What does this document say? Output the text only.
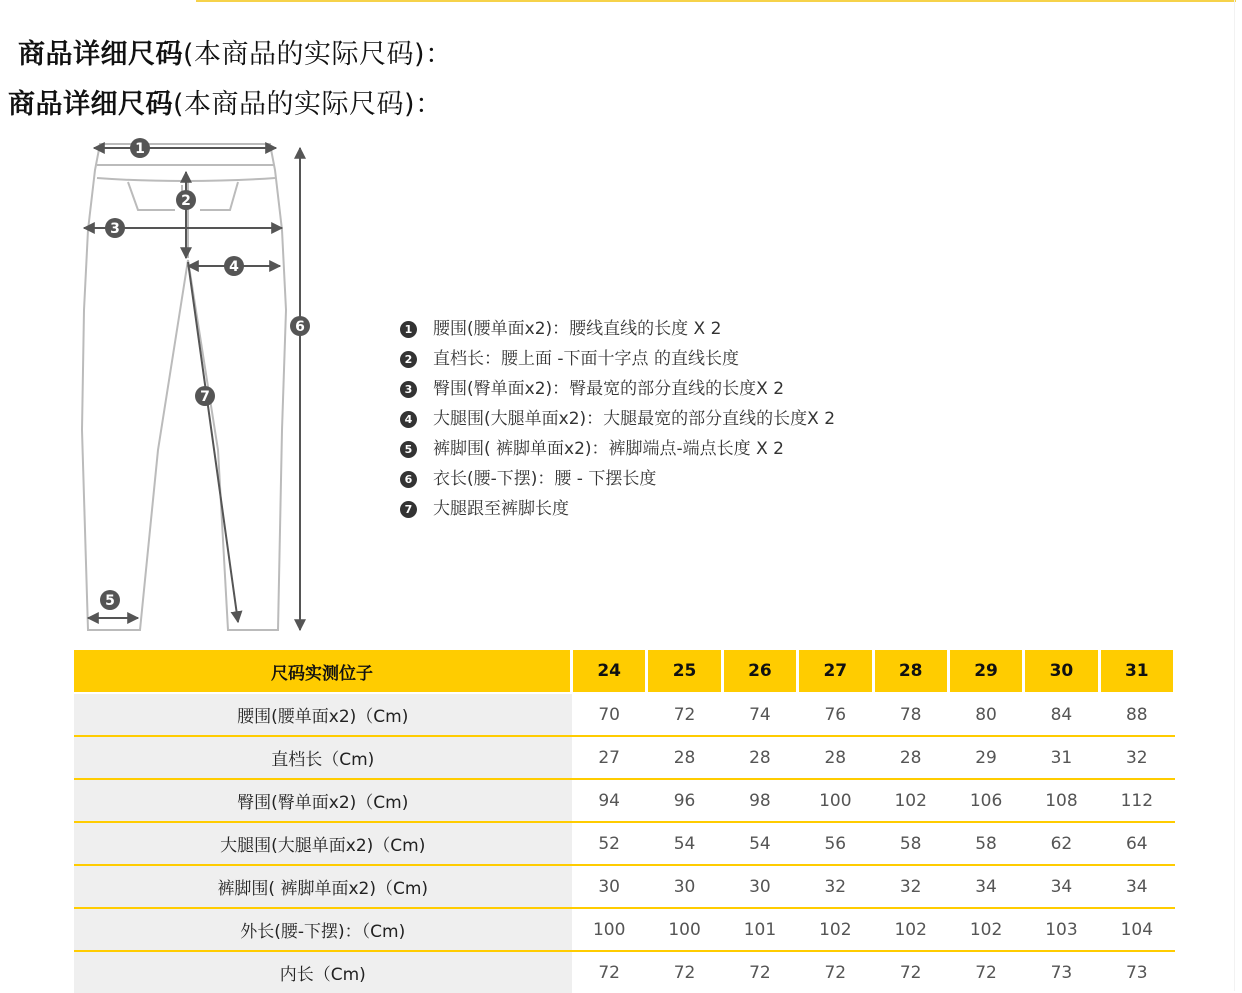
商品详细尺码(本商品的实际尺码)：
商品详细尺码(本商品的实际尺码)：
1
2
3
4
5
6
7
1 腰围(腰单面x2)：腰线直线的长度 X 2
2 直档长：腰上面 -下面十字点 的直线长度
3 臀围(臀单面x2)：臀最宽的部分直线的长度X 2
4 大腿围(大腿单面x2)：大腿最宽的部分直线的长度X 2
5 裤脚围( 裤脚单面x2)：裤脚端点-端点长度 X 2
6 衣长(腰-下摆)：腰 - 下摆长度
7 大腿跟至裤脚长度
尺码实测位子	24	25	26	27	28	29	30	31
腰围(腰单面x2)（Cm)	70	72	74	76	78	80	84	88
直档长（Cm)	27	28	28	28	28	29	31	32
臀围(臀单面x2)（Cm)	94	96	98	100	102	106	108	112
大腿围(大腿单面x2)（Cm)	52	54	54	56	58	58	62	64
裤脚围( 裤脚单面x2)（Cm)	30	30	30	32	32	34	34	34
外长(腰-下摆)：（Cm)	100	100	101	102	102	102	103	104
内长（Cm)	72	72	72	72	72	72	73	73
